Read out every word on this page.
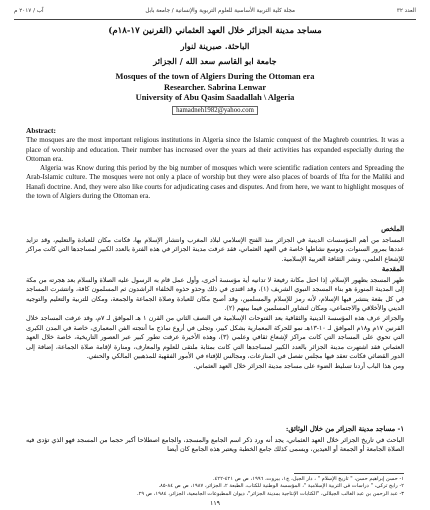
العدد ٣٢
مجلة كلية التربية الأساسية للعلوم التربوية والإنسانية / جامعة بابل
آب / ٢٠١٧ م
مساجد مدينة الجزائر خلال العهد العثماني (القرنين ١٧-١٨م)
الباحثة. صبرينة لنوار
جامعة ابو القاسم سعد الله / الجزائر
Mosques of the town of Algiers During the Ottoman era
Researcher. Sabrina Lenwar
University of Abu Qasim Saadallah \ Algeria
hamadneh1982@yahoo.com
Abstract:

The mosques are the most important religious institutions in Algeria since the Islamic conquest of the Maghreb countries. It was a place of worship and education. Their number has increased over the years ad their activities has expanded especially during the Ottoman era.

Algeria was Know during this period by the big number of mosques which were scientific radiation centers and Spreading the Arab-Islamic culture. The mosques were not only a place of worship but they were also places of boards of Ifta for the Maliki and Hanafi doctrine. And, they were also like courts for adjudicating cases and disputes. And from here, we want to highlight mosques of the town of Algiers during the Ottoman era.

الملخص

المساجد من أهم المؤسسات الدينية في الجزائر منذ الفتح الإسلامي لبلاد المغرب وانتشار الإسلام بها، فكانت مكان للعبادة والتعليم، وقد تزايد عددها بمرور السنوات، وتوسع نشاطها خاصة في العهد العثماني، فقد عرفت مدينة الجزائر في هذه الفترة بالعدد الكبير لمساجدها التي كانت مراكز للإشعاع العلمي، ونشر الثقافة العربية الإسلامية.

المقدمة

ظهر المسجد بظهور الإسلام، إذا احتل مكانة رفيعة لا تدانيه أية مؤسسة أخرى، وأول عمل قام به الرسول عليه الصلاة والسلام بعد هجرته من مكة إلى المدينة المنورة هو بناء المسجد النبوي الشريف (١)، وقد اقتدى في ذلك وحذو حذوه الخلفاء الراشدون ثم المسلمون كافة، وانتشرت المساجد في كل بقعة ينتشر فيها الإسلام، لأنه رمز للإسلام والمسلمين، وقد أصبح مكان للعبادة وصلاة الجماعة والجمعة، ومكان للتربية والتعليم والتوجيه الديني والأخلاقي والاجتماعي، ومكان لتشاور المسلمين فيما بينهم (٢).

والجزائر عرف هذه المؤسسة الدينية والثقافية بعد الفتوحات الإسلامية في النصف الثاني من القرن ١ هـ الموافق لـ ٧م، وقد عرفت المساجد خلال القرنين ١٧م و١٨م الموافق لـ ١٠-١٣هـ نمو للحركة المعمارية بشكل كبير، وتجلى في أروع نماذج ما أنتجته الفن المعماري، خاصة في المدن الكبرى التي تحوي على المساجد التي كانت مراكز لإشعاع ثقافي وعلمي (٣)، وهذه الأخيرة عرفت تطور كبير عبر العصور التاريخية، خاصة خلال العهد العثماني فقد اشتهرت مدينة الجزائر بالعدد الكبير لمساجدها التي كانت بمثابة ملتقى للعلوم والمعارف، ومنارة لإقامة صلاة الجماعة، إضافة إلى الدور القضائي فكانت تعقد فيها مجلس تفصل في المنازعات، ومجالس للإفتاء في الأمور الفقهية للمذهبين المالكي والحنفي.

ومن هذا الباب أردنا تسليط الضوء على مساجد مدينة الجزائر خلال العهد العثماني.

١- مساجد مدينة الجزائر من خلال الوثائق:

الباحث في تاريخ الجزائر خلال العهد العثماني، يجد أنه ورد ذكر اسم الجامع والمسجد، والجامع اصطلاحا أكبر حجما من المسجد فهو الذي تؤدى فيه الصلاة الجامعة أو الجمعة أو العيدين، ويسمى كذلك جامع الخطبة ويعتبر هذه الجامع كان أيضا

١- حسن إبراهيم حسن، " تاريخ الإسلام " ، دار الجيل، ج١، بيروت، ١٩٩٦، ص ص ٤٢١-٤٢٢.
٢- رابح تركي، " دراسات في التربية الإسلامية "، المؤسسة الوطنية للكتاب، الطبعة ٢، الجزائر، ١٩٨٧، ص ص ٨٤-٨٥.
٣- عبد الرحمن بن عبد الغالب الجيلالي، "الكتابات الإنتاجية بمدينة الجزائر"، ديوان المطبوعات الجامعية، الجزائر، ١٩٨٤، ص ٢٩.
١١٩
